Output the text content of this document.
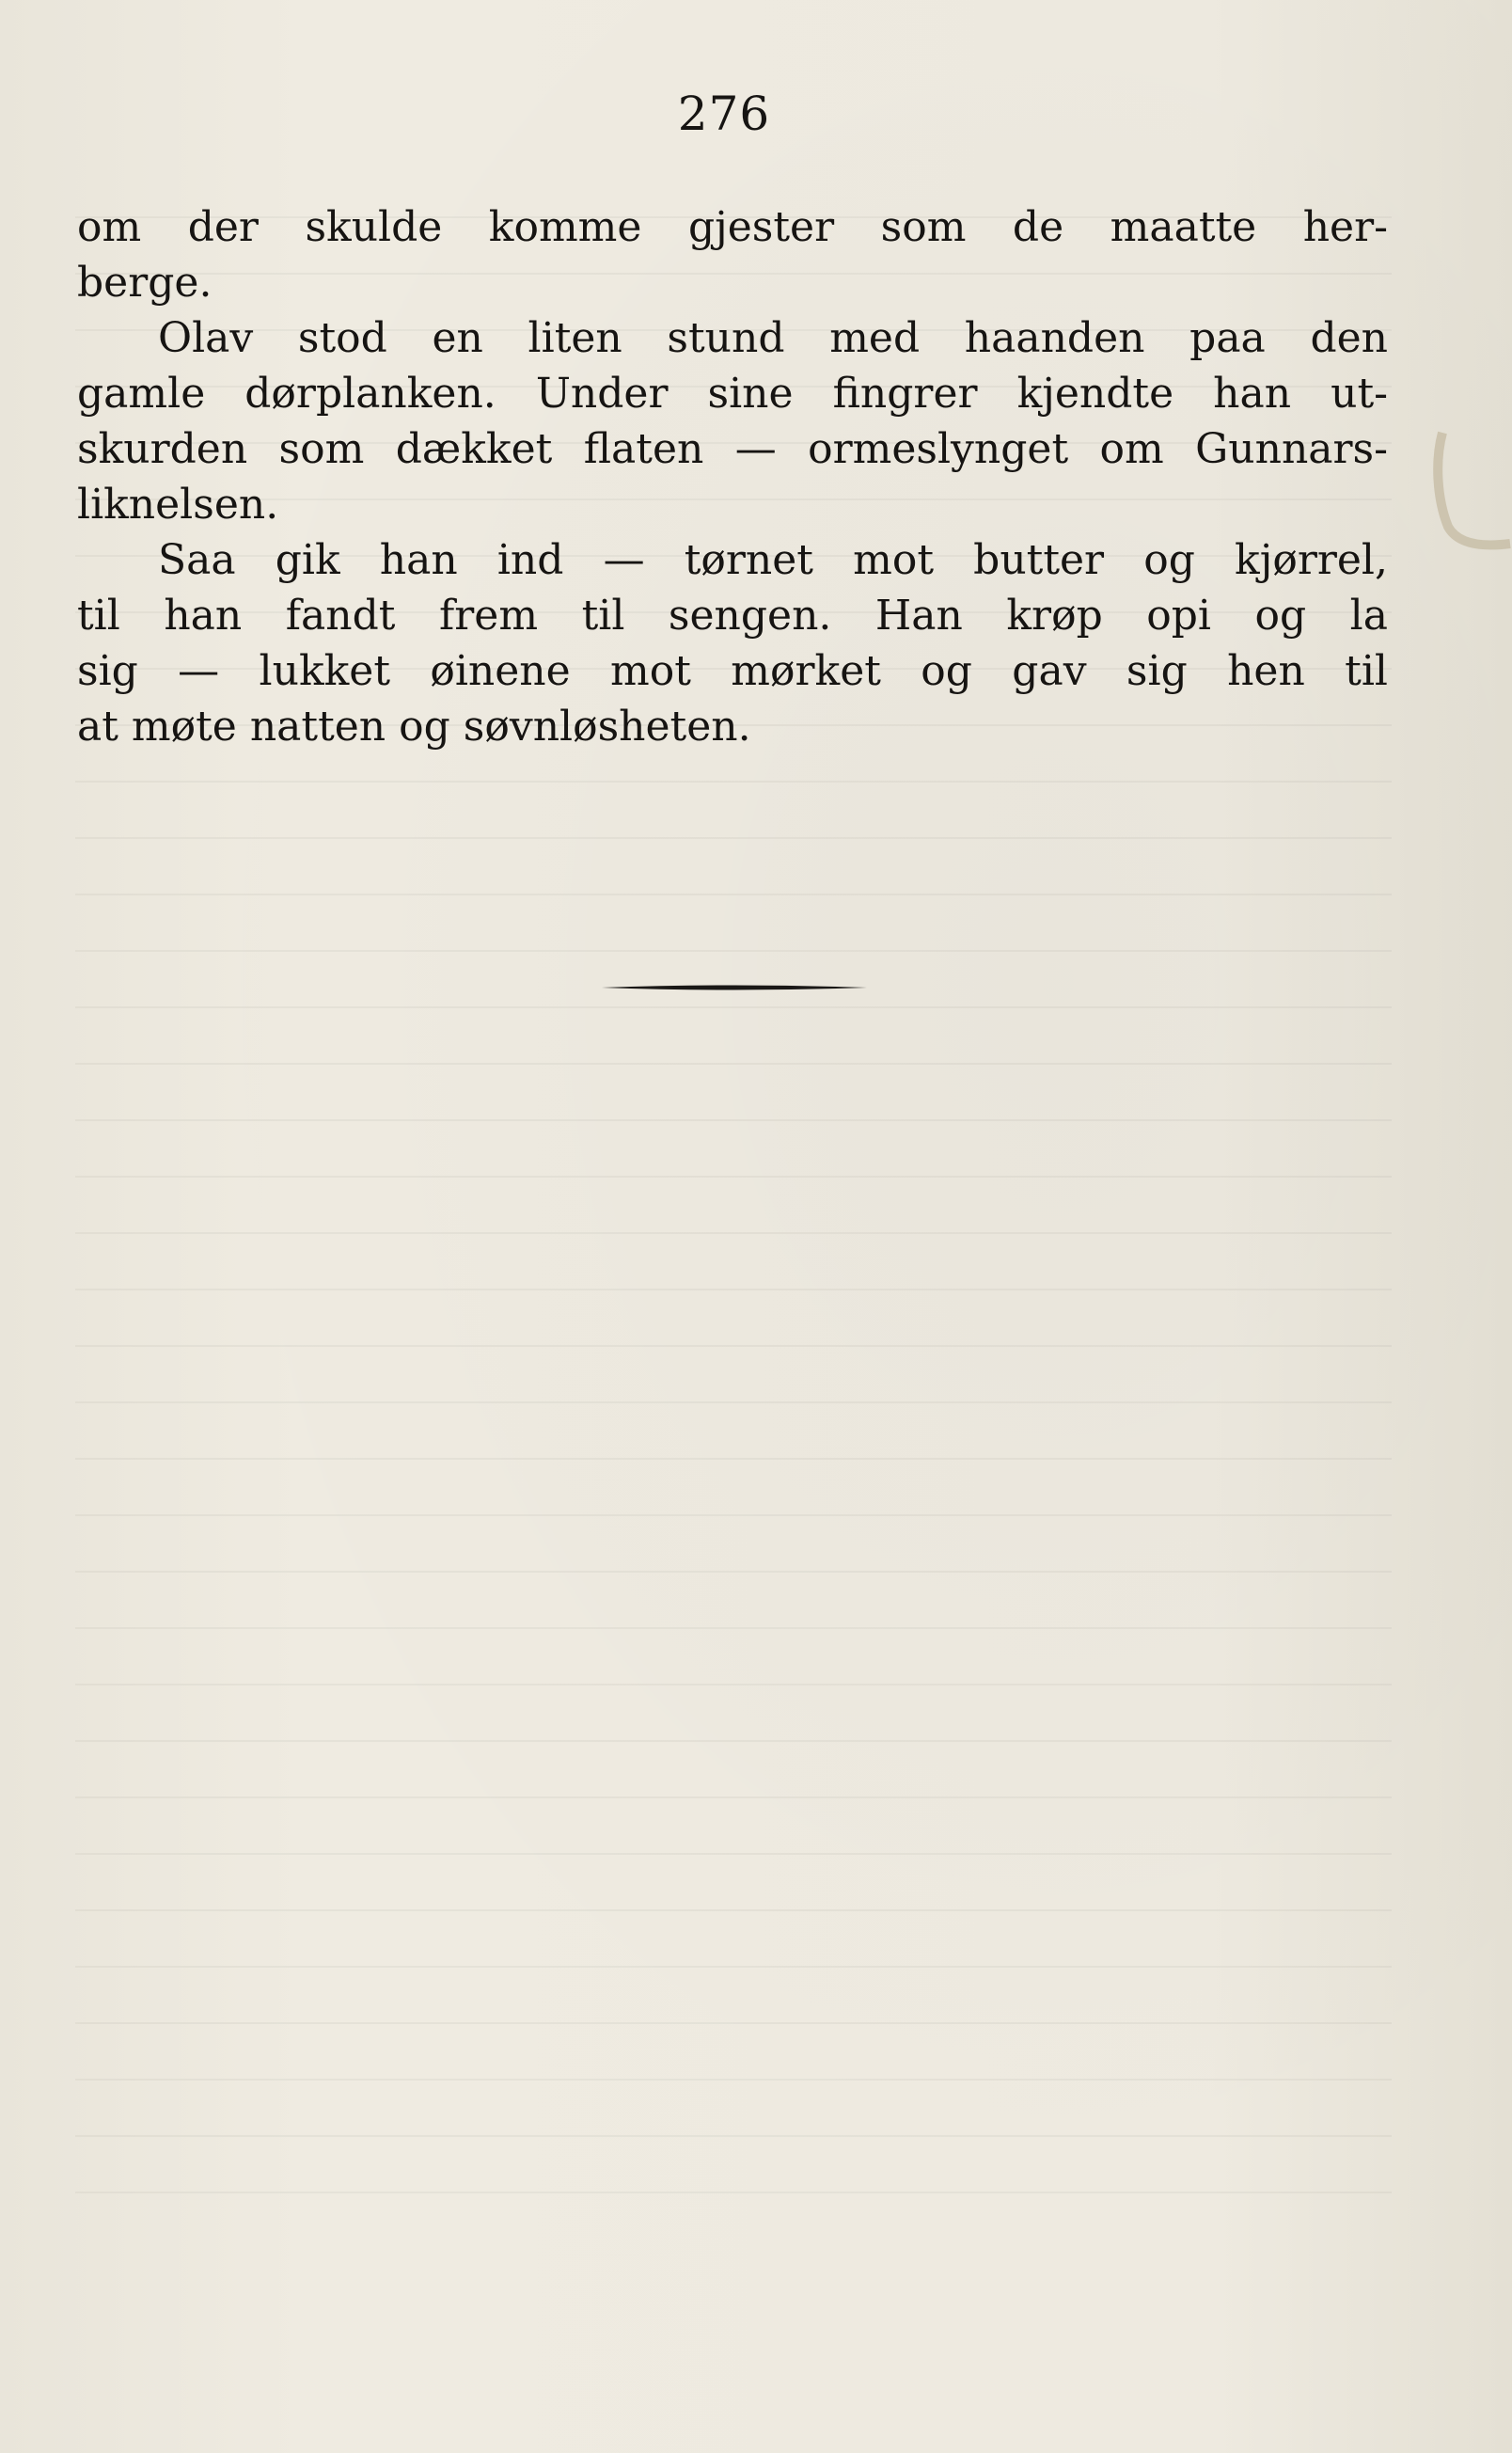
276
om der skulde komme gjester som de maatte her-
berge.
Olav stod en liten stund med haanden paa den
gamle dørplanken. Under sine fingrer kjendte han ut-
skurden som dækket flaten — ormeslynget om Gunnars-
liknelsen.
Saa gik han ind — tørnet mot butter og kjørrel,
til han fandt frem til sengen. Han krøp opi og la
sig — lukket øinene mot mørket og gav sig hen til
at møte natten og søvnløsheten.
